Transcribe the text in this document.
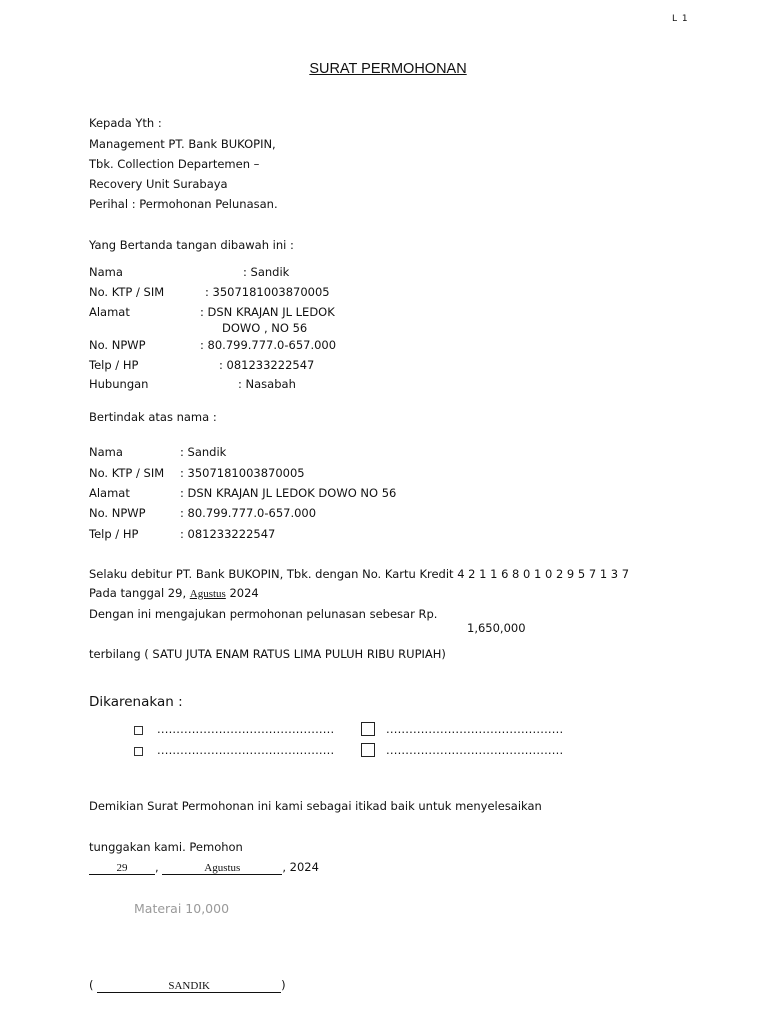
L 1
SURAT PERMOHONAN
Kepada Yth :
Management PT. Bank BUKOPIN,
Tbk. Collection Departemen –
Recovery Unit Surabaya
Perihal : Permohonan Pelunasan.
Yang Bertanda tangan dibawah ini :
Nama	: Sandik
No. KTP / SIM	: 3507181003870005
Alamat	: DSN KRAJAN JL LEDOK
DOWO , NO 56
No. NPWP	: 80.799.777.0-657.000
Telp / HP	: 081233222547
Hubungan	: Nasabah
Bertindak atas nama :
Nama	: Sandik
No. KTP / SIM : 3507181003870005
Alamat	: DSN KRAJAN JL LEDOK DOWO NO 56
No. NPWP	: 80.799.777.0-657.000
Telp / HP	: 081233222547
Selaku debitur PT. Bank BUKOPIN, Tbk. dengan No. Kartu Kredit 4 2 1 1 6 8 0 1 0 2 9 5 7 1 3 7
Pada tanggal 29, Agustus 2024
Dengan ini mengajukan permohonan pelunasan sebesar Rp.
1,650,000
terbilang ( SATU JUTA ENAM RATUS LIMA PULUH RIBU RUPIAH)
Dikarenakan :
..............................................	..............................................
..............................................	..............................................
Demikian Surat Permohonan ini kami sebagai itikad baik untuk menyelesaikan
tunggakan kami. Pemohon
29 ,	Agustus	, 2024
Materai 10,000
(	SANDIK	)
